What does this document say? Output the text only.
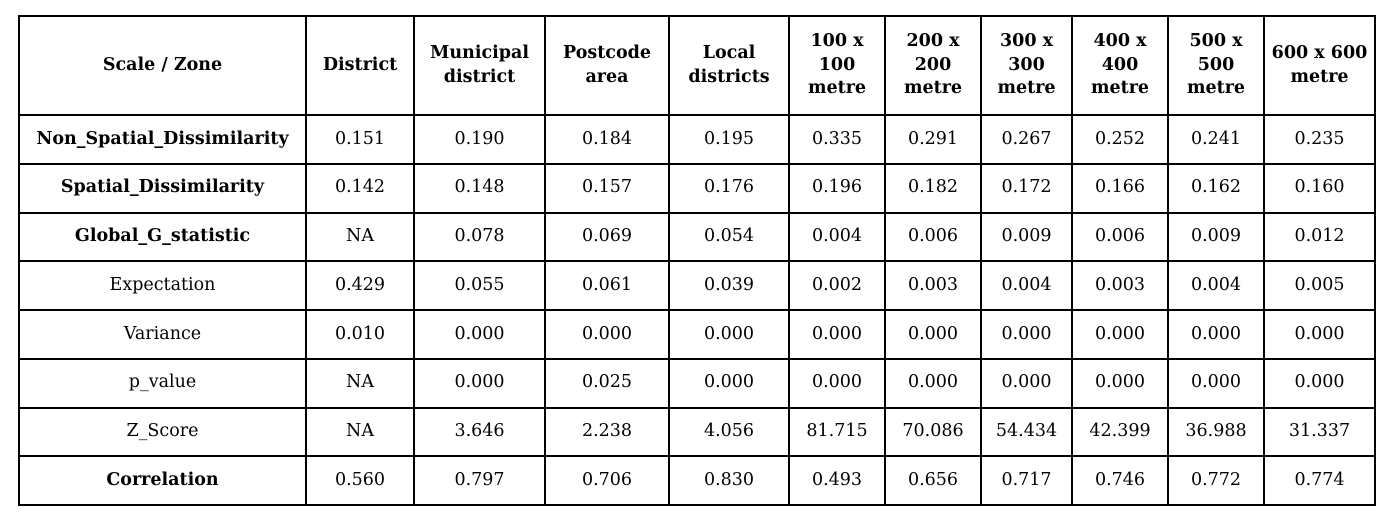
Scale / Zone	District	Municipal district	Postcode area	Local districts	100 x 100 metre	200 x 200 metre	300 x 300 metre	400 x 400 metre	500 x 500 metre	600 x 600 metre
Non_Spatial_Dissimilarity	0.151	0.190	0.184	0.195	0.335	0.291	0.267	0.252	0.241	0.235
Spatial_Dissimilarity	0.142	0.148	0.157	0.176	0.196	0.182	0.172	0.166	0.162	0.160
Global_G_statistic	NA	0.078	0.069	0.054	0.004	0.006	0.009	0.006	0.009	0.012
Expectation	0.429	0.055	0.061	0.039	0.002	0.003	0.004	0.003	0.004	0.005
Variance	0.010	0.000	0.000	0.000	0.000	0.000	0.000	0.000	0.000	0.000
p_value	NA	0.000	0.025	0.000	0.000	0.000	0.000	0.000	0.000	0.000
Z_Score	NA	3.646	2.238	4.056	81.715	70.086	54.434	42.399	36.988	31.337
Correlation	0.560	0.797	0.706	0.830	0.493	0.656	0.717	0.746	0.772	0.774
